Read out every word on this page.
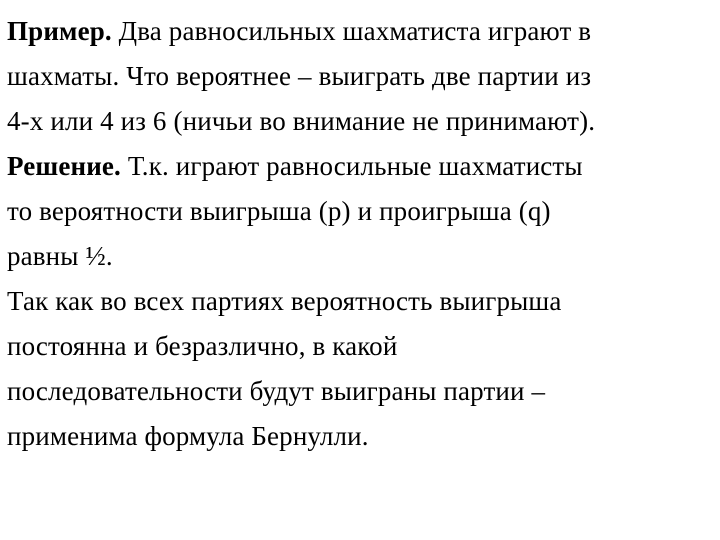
Пример. Два равносильных шахматиста играют в
шахматы. Что вероятнее – выиграть две партии из
4-х или 4 из 6 (ничьи во внимание не принимают).
Решение. Т.к. играют равносильные шахматисты
то вероятности выигрыша (р) и проигрыша (q)
равны ½.
Так как во всех партиях вероятность выигрыша
постоянна и безразлично, в какой
последовательности будут выиграны партии –
применима формула Бернулли.
